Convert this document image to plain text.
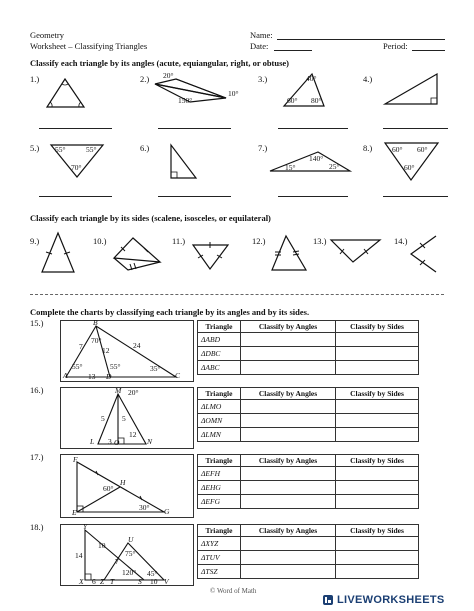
Geometry
Worksheet – Classifying Triangles
Name:
Date:	Period:
Classify each triangle by its angles (acute, equiangular, right, or obtuse)
1.)	2.)	3.)	4.)
20°
150°
10°
40°
60° 80°
5.)	6.)	7.)	8.)
55°	55°
70°
140°
15°	25°
60° 60°
60°
Classify each triangle by its sides (scalene, isosceles, or equilateral)
9.)	10.)	11.)	12.)	13.)	14.)
Complete the charts by classifying each triangle by its angles and by its sides.
15.)	B
A	D	C
7	24
13
12
70°
55°	55°	35°
Triangle	Classify by Angles	Classify by Sides
ΔABD		
ΔDBC		
ΔABC		
16.)	M
L	O	N
20°
5
3
5
12
Triangle	Classify by Angles	Classify by Sides
ΔLMO		
ΔOMN		
ΔLMN		
17.)	F
H
E	G
60°
30°
Triangle	Classify by Angles	Classify by Sides
ΔEFH		
ΔEHG		
ΔEFG		
18.)	Y
U
X Z T	S	V
14
10
6
7
10
75°
120° 45°
Triangle	Classify by Angles	Classify by Sides
ΔXYZ		
ΔTUV		
ΔTSZ		
© Word of Math
LIVEWORKSHEETS
